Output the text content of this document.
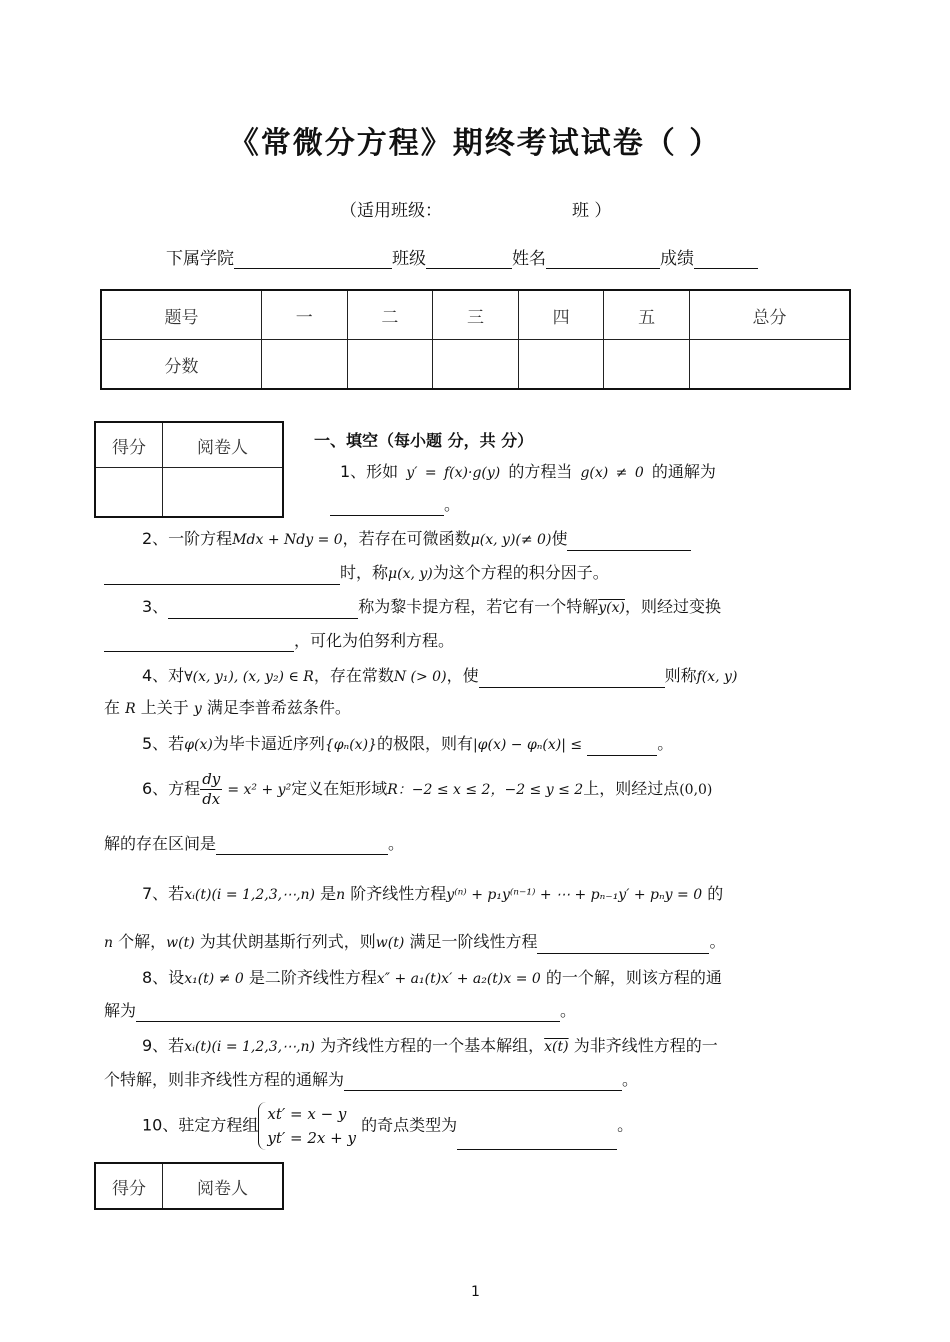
《常微分方程》期终考试试卷（ ）
（适用班级：	班 ）
下属学院	班级	姓名	成绩
题号	一	二	三	四	五	总分
分数						
得分	阅卷人
		一、填空（每小题 分，共 分）
1、形如 y′ = f(x)·g(y) 的方程当 g(x) ≠ 0 的通解为
。
2、一阶方程Mdx + Ndy = 0，若存在可微函数μ(x, y)(≠ 0)使
时，称μ(x, y)为这个方程的积分因子。
3、	称为黎卡提方程，若它有一个特解y(x)，则经过变换
，可化为伯努利方程。
4、对∀(x, y₁), (x, y₂) ∈ R，存在常数N (> 0)，使	则称f(x, y)
在 R 上关于 y 满足李普希兹条件。
5、若φ(x)为毕卡逼近序列{φₙ(x)}的极限，则有|φ(x) − φₙ(x)| ≤	。
6、方程 $\frac{dy}{dx} = x^2 + y^2$定义在矩形域R：−2 ≤ x ≤ 2，−2 ≤ y ≤ 2上，则经过点(0,0)
解的存在区间是	。
7、若xᵢ(t)(i = 1,2,3,⋯,n) 是n 阶齐线性方程y⁽ⁿ⁾ + p₁y⁽ⁿ⁻¹⁾ + ⋯ + pₙ₋₁y′ + pₙy = 0 的
n 个解，w(t) 为其伏朗基斯行列式，则w(t) 满足一阶线性方程	。
8、设x₁(t) ≠ 0 是二阶齐线性方程x″ + a₁(t)x′ + a₂(t)x = 0 的一个解，则该方程的通
解为	。
9、若xᵢ(t)(i = 1,2,3,⋯,n) 为齐线性方程的一个基本解组，x(t) 为非齐线性方程的一
个特解，则非齐线性方程的通解为	。
10、驻定方程组
xt′ = x − y
yt′ = 2x + y
的奇点类型为	。
得分	阅卷人
1
